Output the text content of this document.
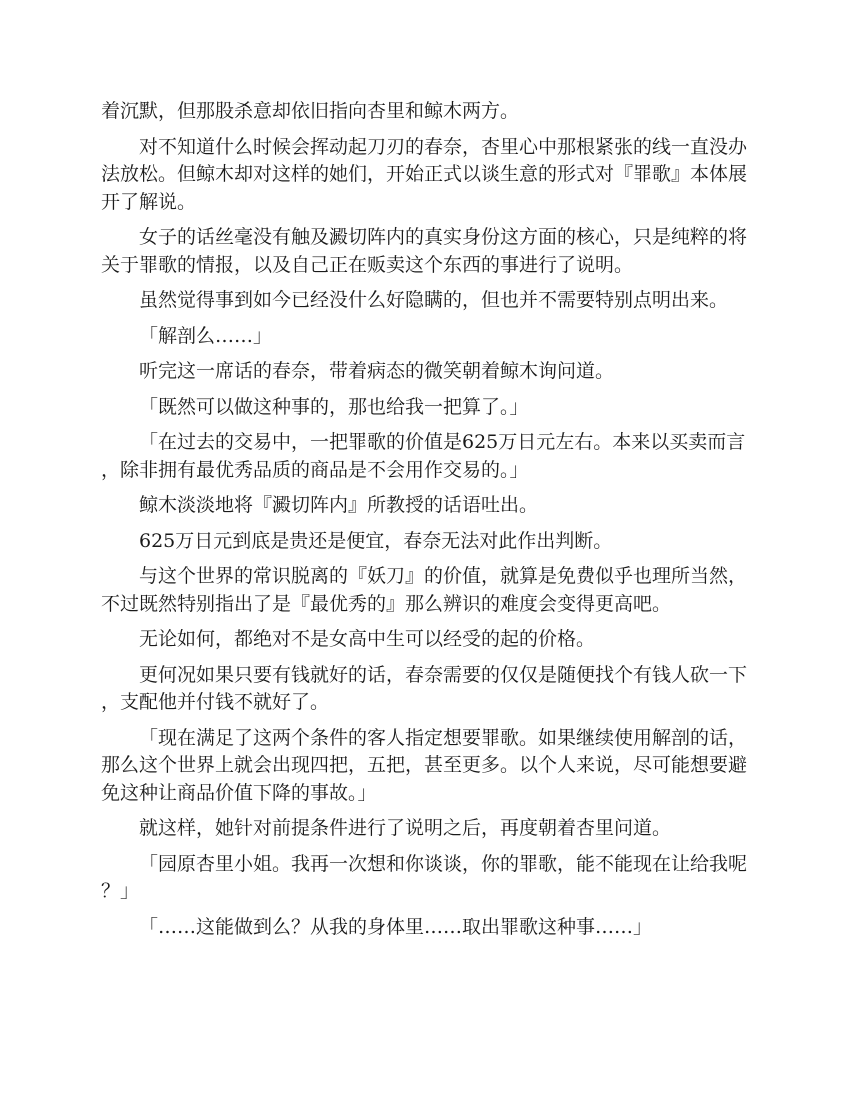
着沉默，但那股杀意却依旧指向杏里和鲸木两方。

对不知道什么时候会挥动起刀刃的春奈，杏里心中那根紧张的线一直没办法放松。但鲸木却对这样的她们，开始正式以谈生意的形式对『罪歌』本体展开了解说。

女子的话丝毫没有触及澱切阵内的真实身份这方面的核心，只是纯粹的将关于罪歌的情报，以及自己正在贩卖这个东西的事进行了说明。

虽然觉得事到如今已经没什么好隐瞒的，但也并不需要特别点明出来。

「解剖么……」

听完这一席话的春奈，带着病态的微笑朝着鲸木询问道。

「既然可以做这种事的，那也给我一把算了。」

「在过去的交易中，一把罪歌的价值是625万日元左右。本来以买卖而言，除非拥有最优秀品质的商品是不会用作交易的。」

鲸木淡淡地将『澱切阵内』所教授的话语吐出。

625万日元到底是贵还是便宜，春奈无法对此作出判断。

与这个世界的常识脱离的『妖刀』的价值，就算是免费似乎也理所当然，不过既然特别指出了是『最优秀的』那么辨识的难度会变得更高吧。

无论如何，都绝对不是女高中生可以经受的起的价格。

更何况如果只要有钱就好的话，春奈需要的仅仅是随便找个有钱人砍一下，支配他并付钱不就好了。

「现在满足了这两个条件的客人指定想要罪歌。如果继续使用解剖的话，那么这个世界上就会出现四把，五把，甚至更多。以个人来说，尽可能想要避免这种让商品价值下降的事故。」

就这样，她针对前提条件进行了说明之后，再度朝着杏里问道。

「园原杏里小姐。我再一次想和你谈谈，你的罪歌，能不能现在让给我呢？」

「……这能做到么？从我的身体里……取出罪歌这种事……」
